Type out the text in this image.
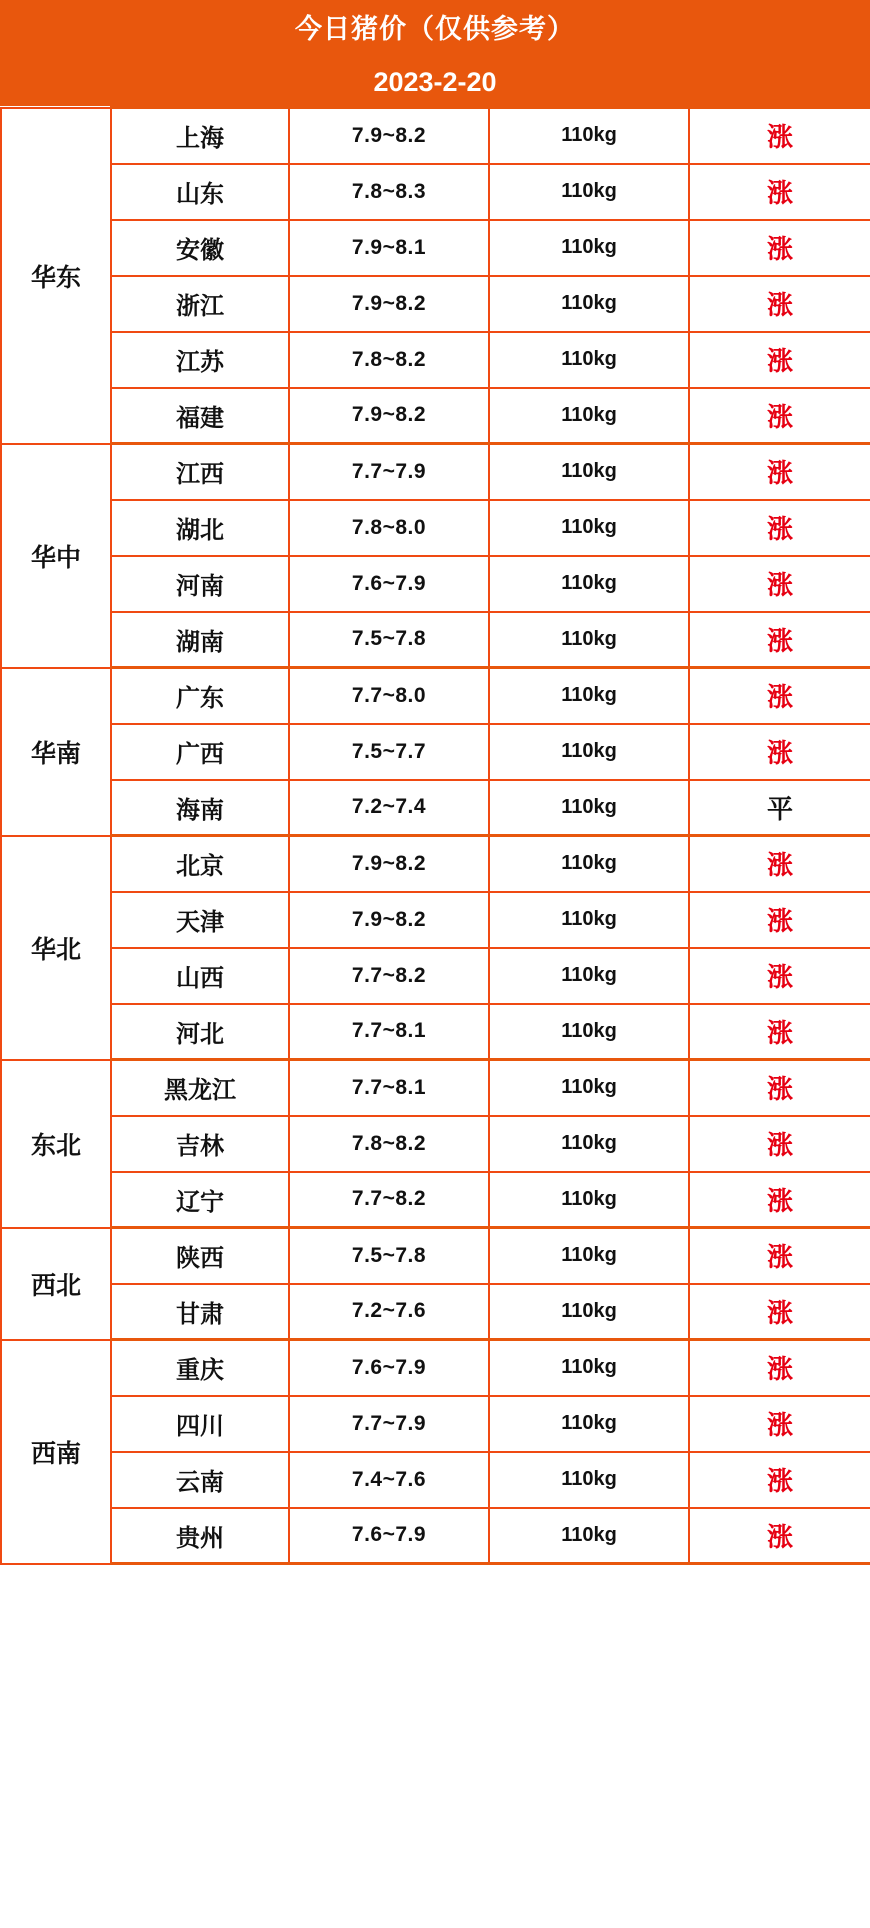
今日猪价（仅供参考）
2023-2-20
华东	上海	7.9~8.2	110kg	涨
	山东	7.8~8.3	110kg	涨
	安徽	7.9~8.1	110kg	涨
	浙江	7.9~8.2	110kg	涨
	江苏	7.8~8.2	110kg	涨
	福建	7.9~8.2	110kg	涨
华中	江西	7.7~7.9	110kg	涨
	湖北	7.8~8.0	110kg	涨
	河南	7.6~7.9	110kg	涨
	湖南	7.5~7.8	110kg	涨
华南	广东	7.7~8.0	110kg	涨
	广西	7.5~7.7	110kg	涨
	海南	7.2~7.4	110kg	平
华北	北京	7.9~8.2	110kg	涨
	天津	7.9~8.2	110kg	涨
	山西	7.7~8.2	110kg	涨
	河北	7.7~8.1	110kg	涨
东北	黑龙江	7.7~8.1	110kg	涨
	吉林	7.8~8.2	110kg	涨
	辽宁	7.7~8.2	110kg	涨
西北	陕西	7.5~7.8	110kg	涨
	甘肃	7.2~7.6	110kg	涨
西南	重庆	7.6~7.9	110kg	涨
	四川	7.7~7.9	110kg	涨
	云南	7.4~7.6	110kg	涨
	贵州	7.6~7.9	110kg	涨
